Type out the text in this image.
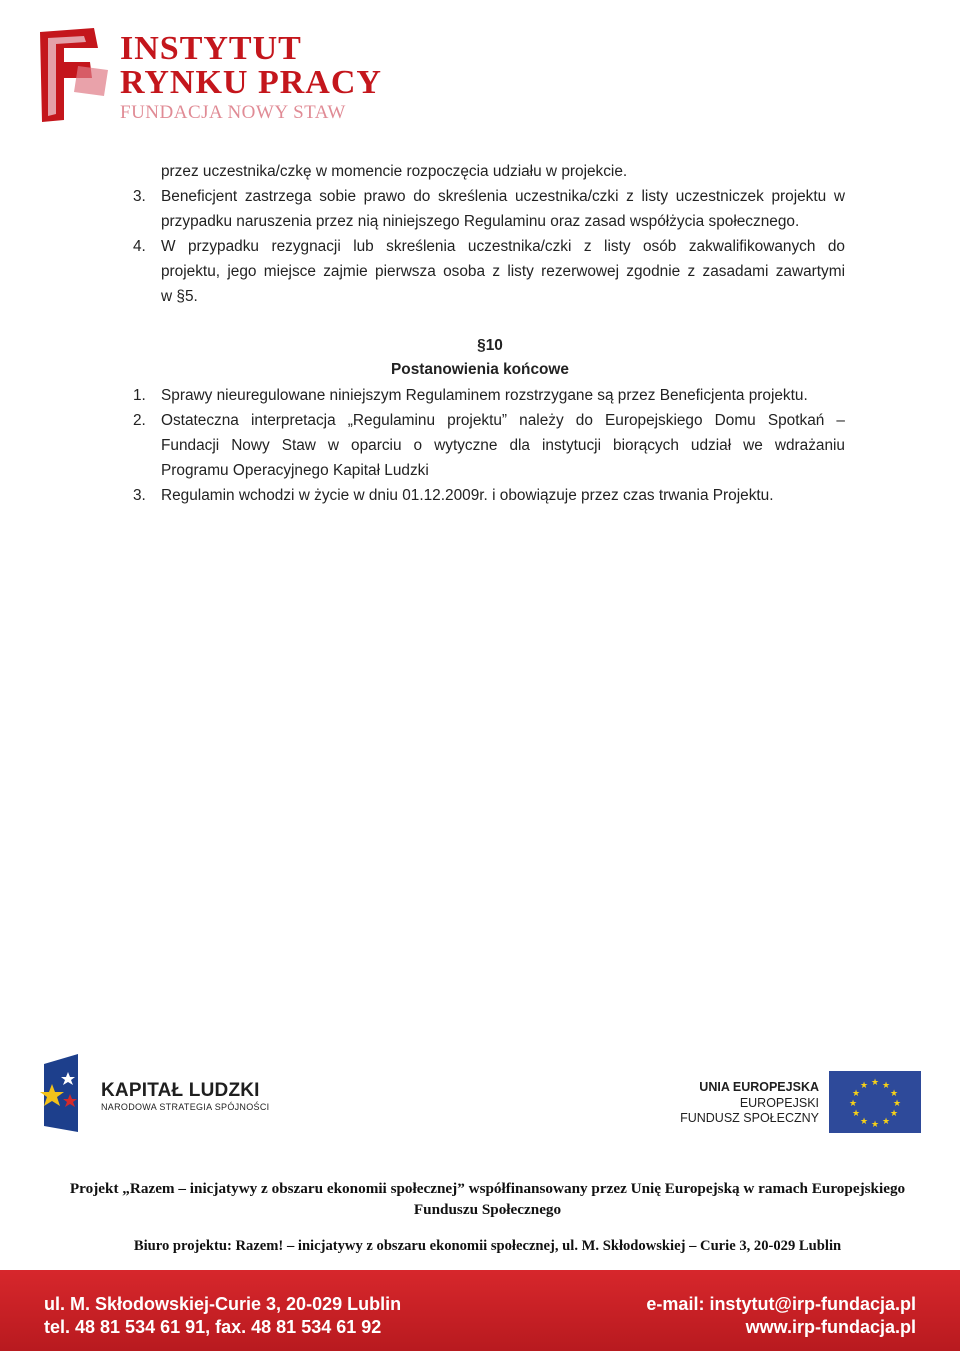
INSTYTUT
RYNKU PRACY
FUNDACJA NOWY STAW
przez uczestnika/czkę w momencie rozpoczęcia udziału w projekcie.
3. Beneficjent zastrzega sobie prawo do skreślenia uczestnika/czki z listy uczestniczek projektu w
przypadku naruszenia przez nią niniejszego Regulaminu oraz zasad współżycia społecznego.
4. W przypadku rezygnacji lub skreślenia uczestnika/czki z listy osób zakwalifikowanych do
projektu, jego miejsce zajmie pierwsza osoba z listy rezerwowej zgodnie z zasadami zawartymi
w §5.
§10
Postanowienia końcowe
1. Sprawy nieuregulowane niniejszym Regulaminem rozstrzygane są przez Beneficjenta projektu.
2. Ostateczna interpretacja „Regulaminu projektu” należy do Europejskiego Domu Spotkań –
Fundacji Nowy Staw w oparciu o wytyczne dla instytucji biorących udział we wdrażaniu
Programu Operacyjnego Kapitał Ludzki
3. Regulamin wchodzi w życie w dniu 01.12.2009r. i obowiązuje przez czas trwania Projektu.
KAPITAŁ LUDZKI
NARODOWA STRATEGIA SPÓJNOŚCI
UNIA EUROPEJSKA
EUROPEJSKI
FUNDUSZ SPOŁECZNY
★ ★
★
★
★
★
★
★
★
★
★
★
Projekt „Razem – inicjatywy z obszaru ekonomii społecznej” współfinansowany przez Unię Europejską w ramach Europejskiego
Funduszu Społecznego
Biuro projektu: Razem! – inicjatywy z obszaru ekonomii społecznej, ul. M. Skłodowskiej – Curie 3, 20-029 Lublin
ul. M. Skłodowskiej-Curie 3, 20-029 Lublin
tel. 48 81 534 61 91, fax. 48 81 534 61 92
e-mail: instytut@irp-fundacja.pl
www.irp-fundacja.pl
